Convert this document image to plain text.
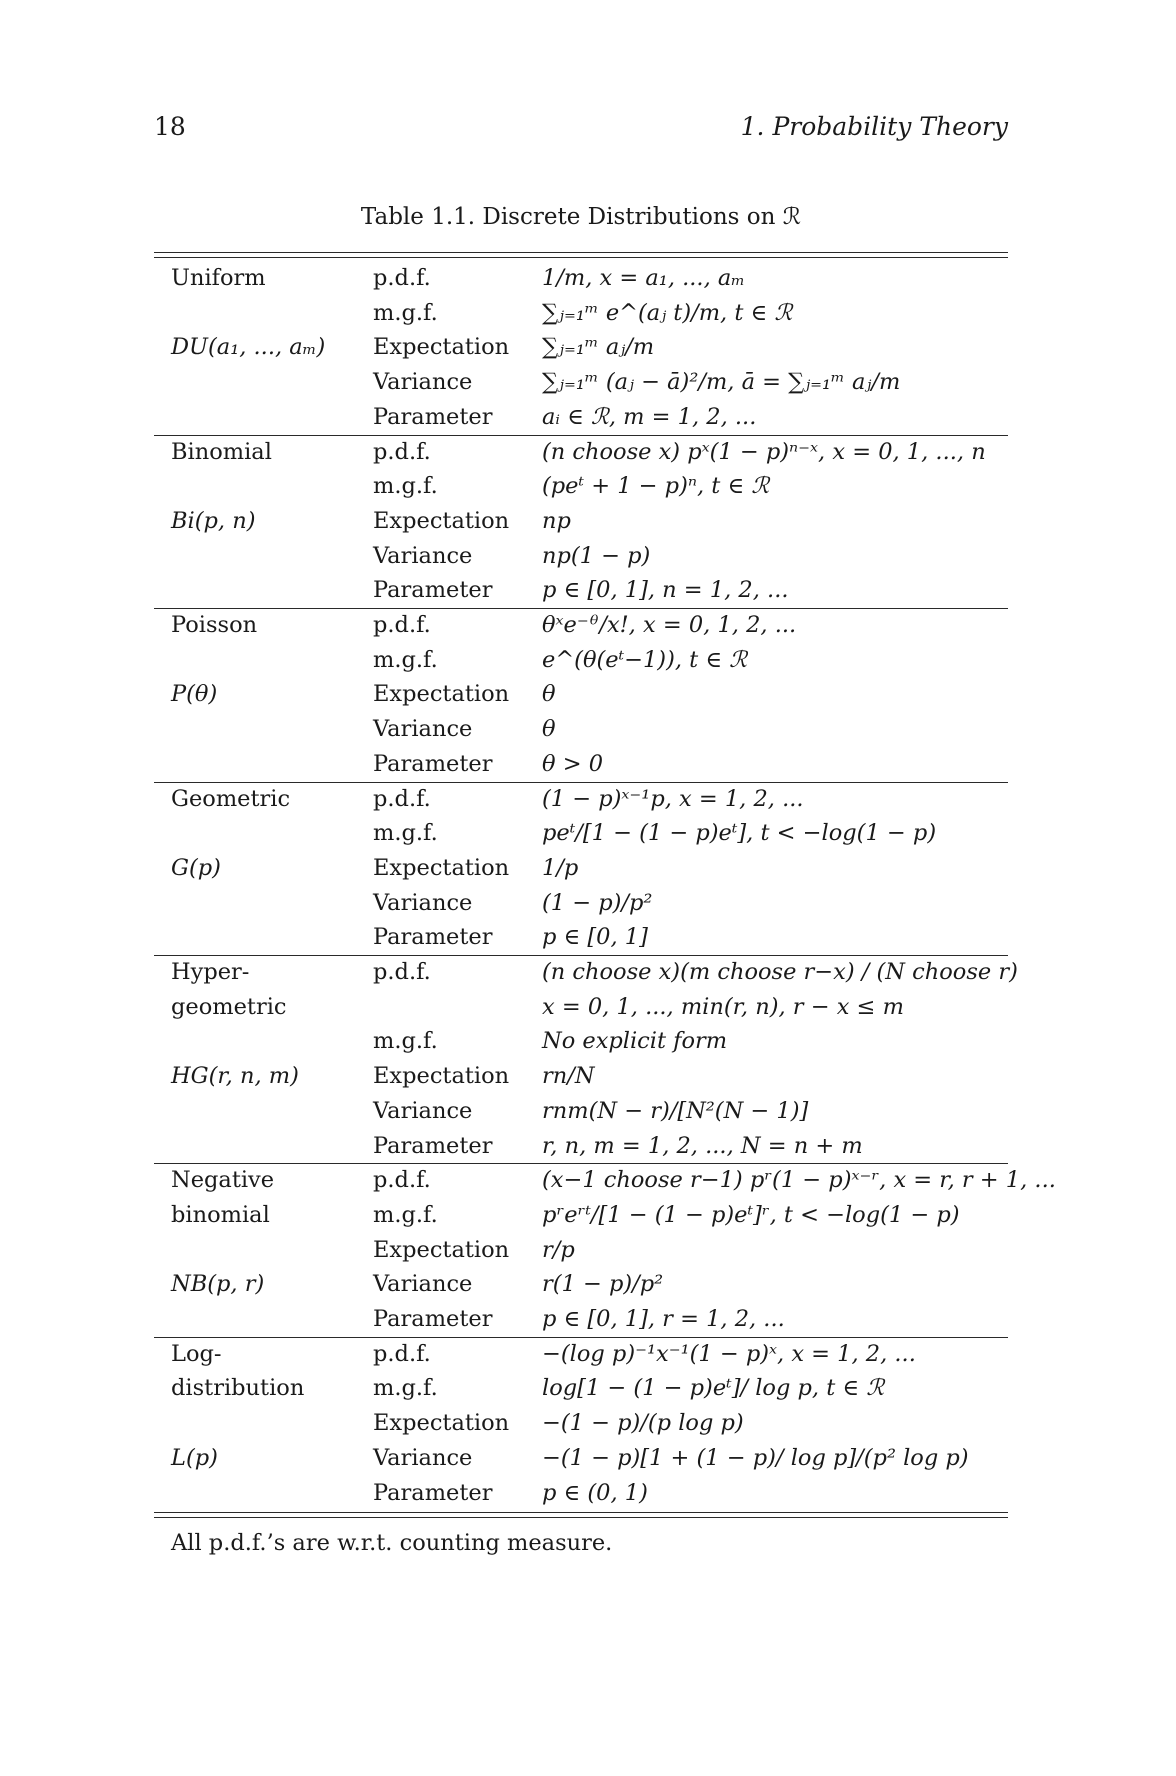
18	1. Probability Theory
Table 1.1. Discrete Distributions on ℛ
Uniform	p.d.f.	1/m, x = a₁, ..., aₘ
m.g.f.	∑ⱼ₌₁ᵐ e^(aⱼ t)/m, t ∈ ℛ
DU(a₁, ..., aₘ) Expectation ∑ⱼ₌₁ᵐ aⱼ/m
Variance	∑ⱼ₌₁ᵐ (aⱼ − ā)²/m, ā = ∑ⱼ₌₁ᵐ aⱼ/m
Parameter aᵢ ∈ ℛ, m = 1, 2, ...
Binomial	p.d.f.	(n choose x) pˣ(1 − p)ⁿ⁻ˣ, x = 0, 1, ..., n
m.g.f.	(peᵗ + 1 − p)ⁿ, t ∈ ℛ
Bi(p, n)	Expectation np
Variance	np(1 − p)
Parameter p ∈ [0, 1], n = 1, 2, ...
Poisson	p.d.f.	θˣe⁻ᶿ/x!, x = 0, 1, 2, ...
m.g.f.	e^(θ(eᵗ−1)), t ∈ ℛ
P(θ)	Expectation θ
Variance	θ
Parameter θ > 0
Geometric	p.d.f.	(1 − p)ˣ⁻¹p, x = 1, 2, ...
m.g.f.	peᵗ/[1 − (1 − p)eᵗ], t < −log(1 − p)
G(p)	Expectation 1/p
Variance	(1 − p)/p²
Parameter p ∈ [0, 1]
Hyper-	p.d.f.	(n choose x)(m choose r−x) / (N choose r)
geometric	x = 0, 1, ..., min(r, n), r − x ≤ m
m.g.f.	No explicit form
HG(r, n, m)	Expectation rn/N
Variance	rnm(N − r)/[N²(N − 1)]
Parameter r, n, m = 1, 2, ..., N = n + m
Negative	p.d.f.	(x−1 choose r−1) pʳ(1 − p)ˣ⁻ʳ, x = r, r + 1, ...
binomial	m.g.f.	pʳeʳᵗ/[1 − (1 − p)eᵗ]ʳ, t < −log(1 − p)
Expectation r/p
NB(p, r)	Variance	r(1 − p)/p²
Parameter p ∈ [0, 1], r = 1, 2, ...
Log-	p.d.f.	−(log p)⁻¹x⁻¹(1 − p)ˣ, x = 1, 2, ...
distribution	m.g.f.	log[1 − (1 − p)eᵗ]/ log p, t ∈ ℛ
Expectation −(1 − p)/(p log p)
L(p)	Variance	−(1 − p)[1 + (1 − p)/ log p]/(p² log p)
Parameter p ∈ (0, 1)
All p.d.f.’s are w.r.t. counting measure.
